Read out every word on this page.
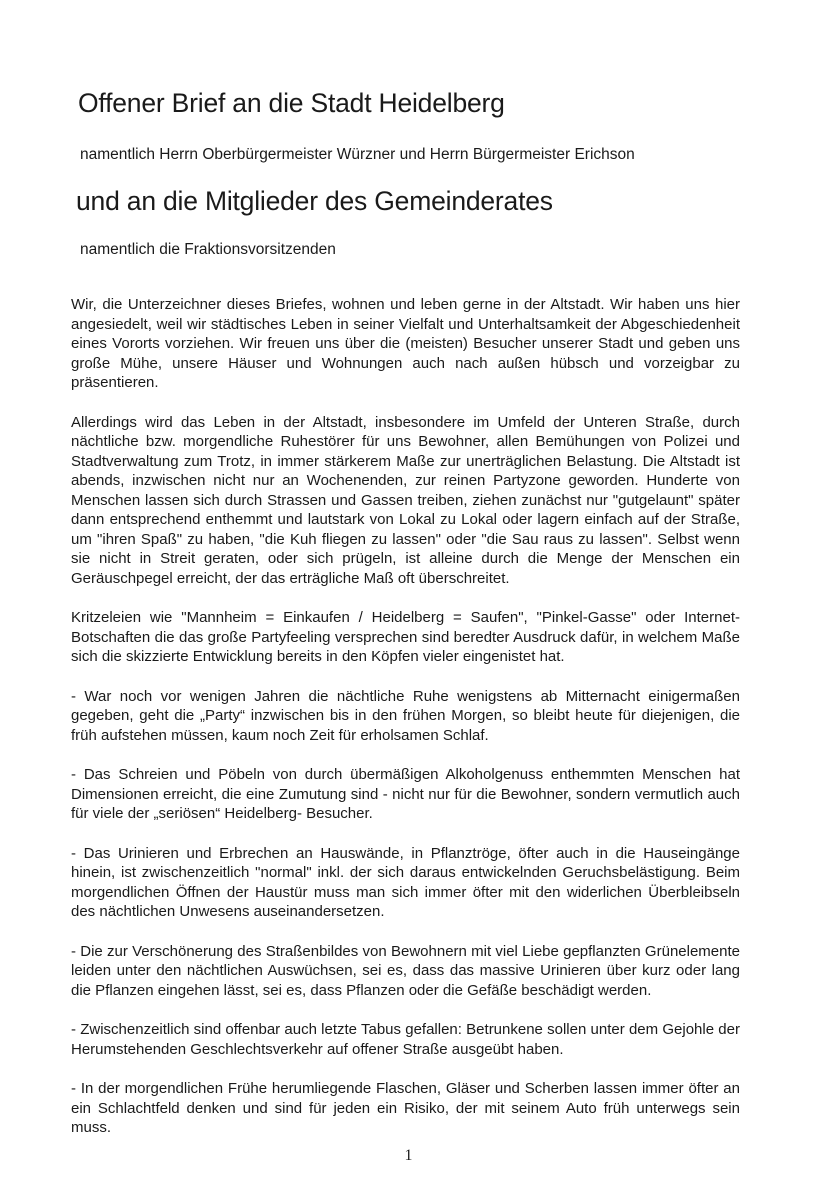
Offener Brief an die Stadt Heidelberg

namentlich Herrn Oberbürgermeister Würzner und Herrn Bürgermeister Erichson

und an die Mitglieder des Gemeinderates

namentlich die Fraktionsvorsitzenden

Wir, die Unterzeichner dieses Briefes, wohnen und leben gerne in der Altstadt. Wir haben uns hier angesiedelt, weil wir städtisches Leben in seiner Vielfalt und Unterhaltsamkeit der Abgeschiedenheit eines Vororts vorziehen. Wir freuen uns über die (meisten) Besucher unserer Stadt und geben uns große Mühe, unsere Häuser und Wohnungen auch nach außen hübsch und vorzeigbar zu präsentieren.

Allerdings wird das Leben in der Altstadt, insbesondere im Umfeld der Unteren Straße, durch nächtliche bzw. morgendliche Ruhestörer für uns Bewohner, allen Bemühungen von Polizei und Stadtverwaltung zum Trotz, in immer stärkerem Maße zur unerträglichen Belastung. Die Altstadt ist abends, inzwischen nicht nur an Wochenenden, zur reinen Partyzone geworden. Hunderte von Menschen lassen sich durch Strassen und Gassen treiben, ziehen zunächst nur "gutgelaunt" später dann entsprechend enthemmt und lautstark von Lokal zu Lokal oder lagern einfach auf der Straße, um "ihren Spaß" zu haben, "die Kuh fliegen zu lassen" oder "die Sau raus zu lassen". Selbst wenn sie nicht in Streit geraten, oder sich prügeln, ist alleine durch die Menge der Menschen ein Geräuschpegel erreicht, der das erträgliche Maß oft überschreitet.

Kritzeleien wie "Mannheim = Einkaufen / Heidelberg = Saufen", "Pinkel-Gasse" oder Internet-Botschaften die das große Partyfeeling versprechen sind beredter Ausdruck dafür, in welchem Maße sich die skizzierte Entwicklung bereits in den Köpfen vieler eingenistet hat.

- War noch vor wenigen Jahren die nächtliche Ruhe wenigstens ab Mitternacht einigermaßen gegeben, geht die „Party“ inzwischen bis in den frühen Morgen, so bleibt heute für diejenigen, die früh aufstehen müssen, kaum noch Zeit für erholsamen Schlaf.

- Das Schreien und Pöbeln von durch übermäßigen Alkoholgenuss enthemmten Menschen hat Dimensionen erreicht, die eine Zumutung sind - nicht nur für die Bewohner, sondern vermutlich auch für viele der „seriösen“ Heidelberg- Besucher.

- Das Urinieren und Erbrechen an Hauswände, in Pflanztröge, öfter auch in die Hauseingänge hinein, ist zwischenzeitlich "normal" inkl. der sich daraus entwickelnden Geruchsbelästigung. Beim morgendlichen Öffnen der Haustür muss man sich immer öfter mit den widerlichen Überbleibseln des nächtlichen Unwesens auseinandersetzen.

- Die zur Verschönerung des Straßenbildes von Bewohnern mit viel Liebe gepflanzten Grünelemente leiden unter den nächtlichen Auswüchsen, sei es, dass das massive Urinieren über kurz oder lang die Pflanzen eingehen lässt, sei es, dass Pflanzen oder die Gefäße beschädigt werden.

- Zwischenzeitlich sind offenbar auch letzte Tabus gefallen: Betrunkene sollen unter dem Gejohle der Herumstehenden Geschlechtsverkehr auf offener Straße ausgeübt haben.

- In der morgendlichen Frühe herumliegende Flaschen, Gläser und Scherben lassen immer öfter an ein Schlachtfeld denken und sind für jeden ein Risiko, der mit seinem Auto früh unterwegs sein muss.

1
